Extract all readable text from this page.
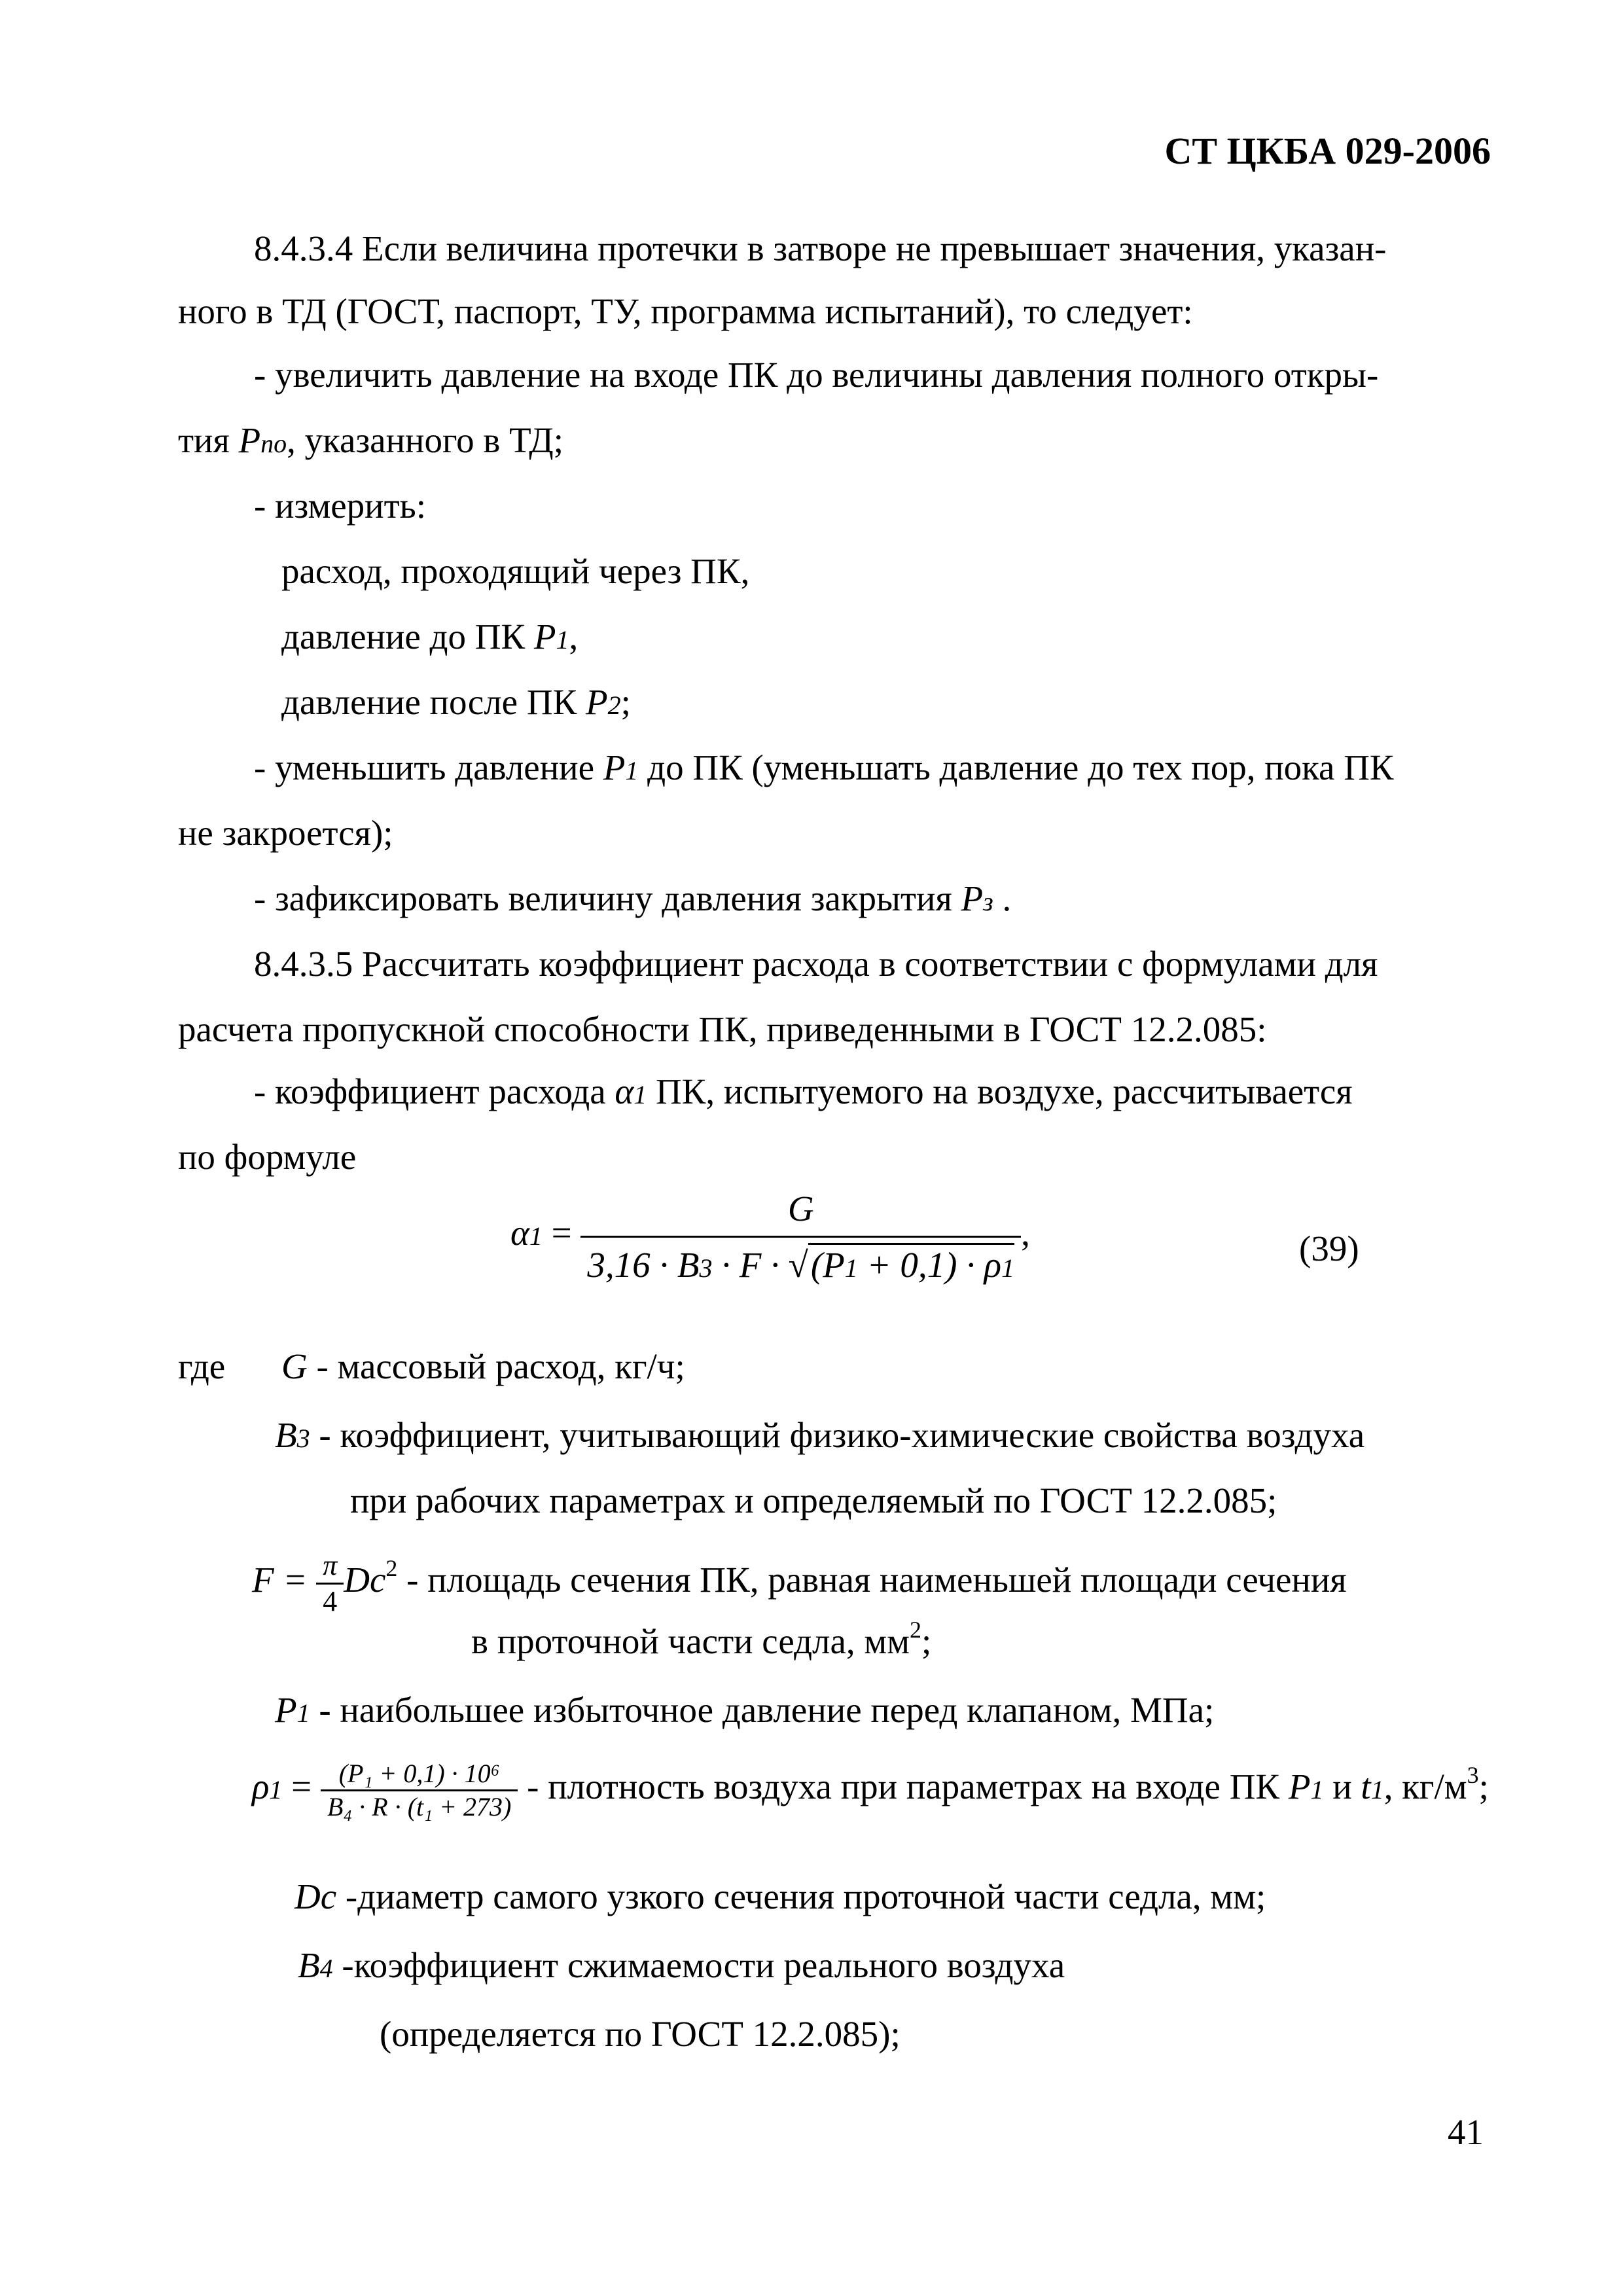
СТ ЦКБА 029-2006
8.4.3.4 Если величина протечки в затворе не превышает значения, указан-
ного в ТД (ГОСТ, паспорт, ТУ, программа испытаний), то следует:
- увеличить давление на входе ПК до величины давления полного откры-
тия Pпо, указанного в ТД;
- измерить:
расход, проходящий через ПК,
давление до ПК P1,
давление после ПК P2;
- уменьшить давление P1 до ПК (уменьшать давление до тех пор, пока ПК
не закроется);
- зафиксировать величину давления закрытия Pз .
8.4.3.5 Рассчитать коэффициент расхода в соответствии с формулами для
расчета пропускной способности ПК, приведенными в ГОСТ 12.2.085:
- коэффициент расхода α1 ПК, испытуемого на воздухе, рассчитывается
по формуле
$\alpha 1 = \frac{G}{3,16 \cdot B3 \cdot F \cdot √(P1 + 0,1) \cdot \rho 1}$ ,	(39)
где G - массовый расход, кг/ч;
B3 - коэффициент, учитывающий физико-химические свойства воздуха
при рабочих параметрах и определяемый по ГОСТ 12.2.085;
$F = \frac{\pi}{4} Dc^2$ - площадь сечения ПК, равная наименьшей площади сечения
в проточной части седла, $мм^2$;
P1 - наибольшее избыточное давление перед клапаном, МПа;
$\rho 1 = \frac{\text{(P₁ + 0,1) · 10⁶}}{\text{B₄ · R · (t₁ + 273)}}$ - плотность воздуха при параметрах на входе ПК P1 и t1, $кг/м^3$;
Dc -диаметр самого узкого сечения проточной части седла, мм;
B4 -коэффициент сжимаемости реального воздуха
(определяется по ГОСТ 12.2.085);
41
